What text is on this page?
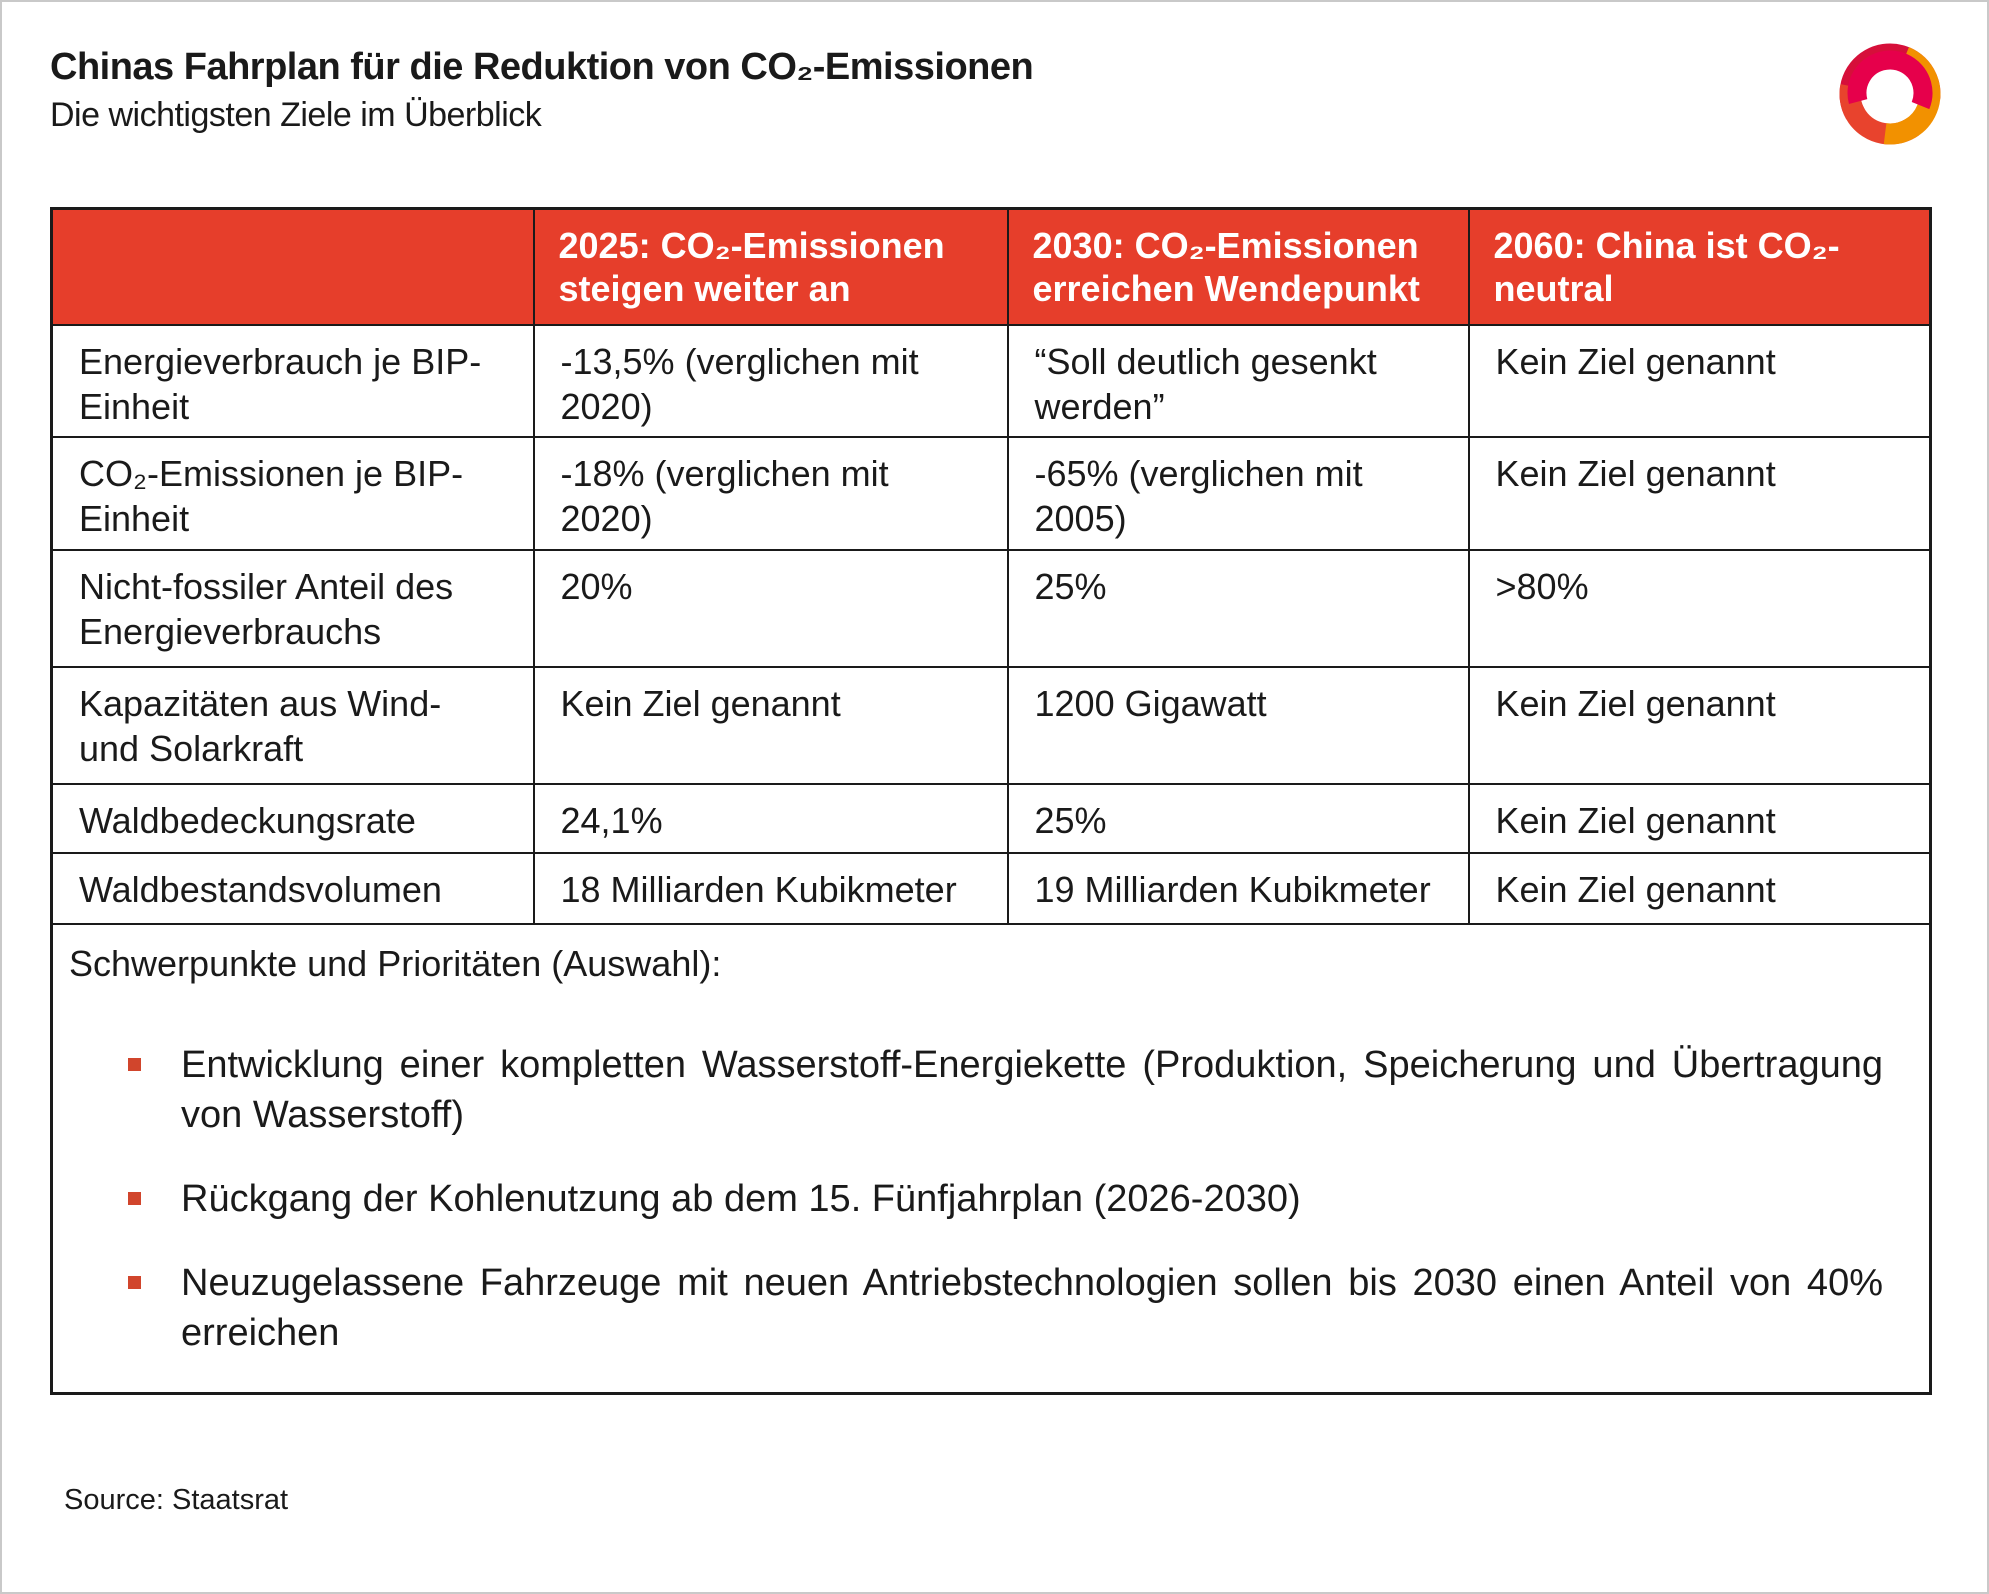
Chinas Fahrplan für die Reduktion von CO₂-Emissionen

Die wichtigsten Ziele im Überblick

	2025: CO₂-Emissionen steigen weiter an	2030: CO₂-Emissionen erreichen Wendepunkt	2060: China ist CO₂-neutral
Energieverbrauch je BIP-Einheit	-13,5% (verglichen mit 2020)	“Soll deutlich gesenkt werden”	Kein Ziel genannt
CO₂-Emissionen je BIP-Einheit	-18% (verglichen mit 2020)	-65% (verglichen mit 2005)	Kein Ziel genannt
Nicht-fossiler Anteil des Energieverbrauchs	20%	25%	>80%
Kapazitäten aus Wind- und Solarkraft	Kein Ziel genannt	1200 Gigawatt	Kein Ziel genannt
Waldbedeckungsrate	24,1%	25%	Kein Ziel genannt
Waldbestandsvolumen	18 Milliarden Kubikmeter	19 Milliarden Kubikmeter	Kein Ziel genannt

Schwerpunkte und Prioritäten (Auswahl):

Entwicklung einer kompletten Wasserstoff-Energiekette (Produktion, Speicherung und Übertragung von Wasserstoff)
Rückgang der Kohlenutzung ab dem 15. Fünfjahrplan (2026-2030)
Neuzugelassene Fahrzeuge mit neuen Antriebstechnologien sollen bis 2030 einen Anteil von 40% erreichen

Source: Staatsrat
